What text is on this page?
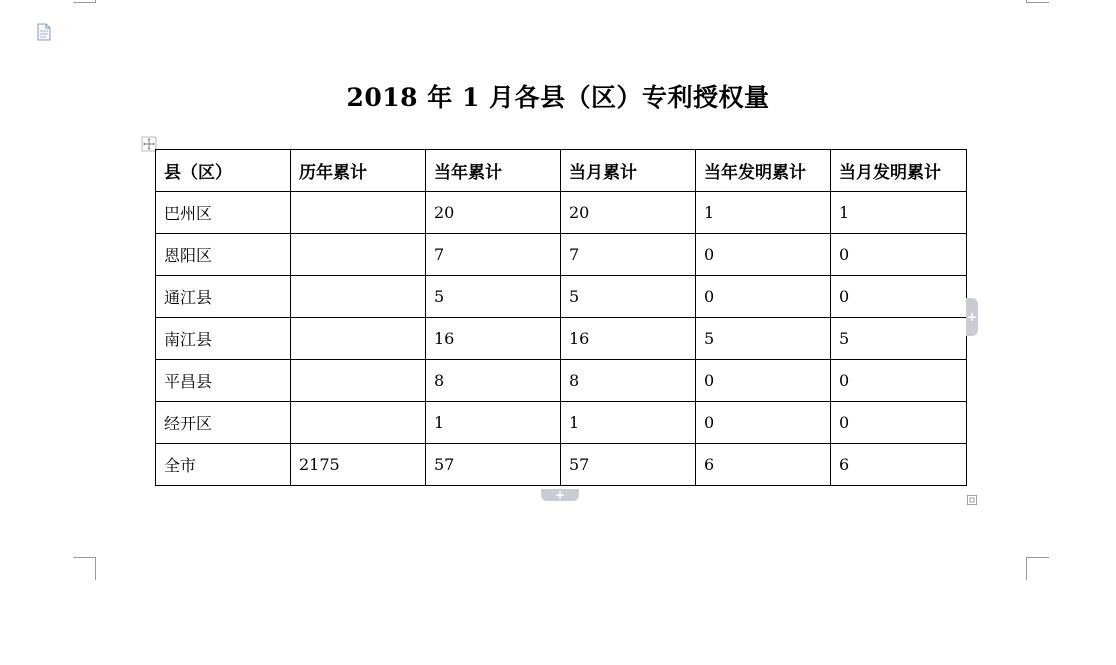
2018 年 1 月各县（区）专利授权量
县（区）	历年累计	当年累计	当月累计	当年发明累计	当月发明累计
巴州区		20	20	1	1
恩阳区		7	7	0	0
通江县		5	5	0	0
南江县		16	16	5	5
平昌县		8	8	0	0
经开区		1	1	0	0
全市	2175	57	57	6	6
+
+
